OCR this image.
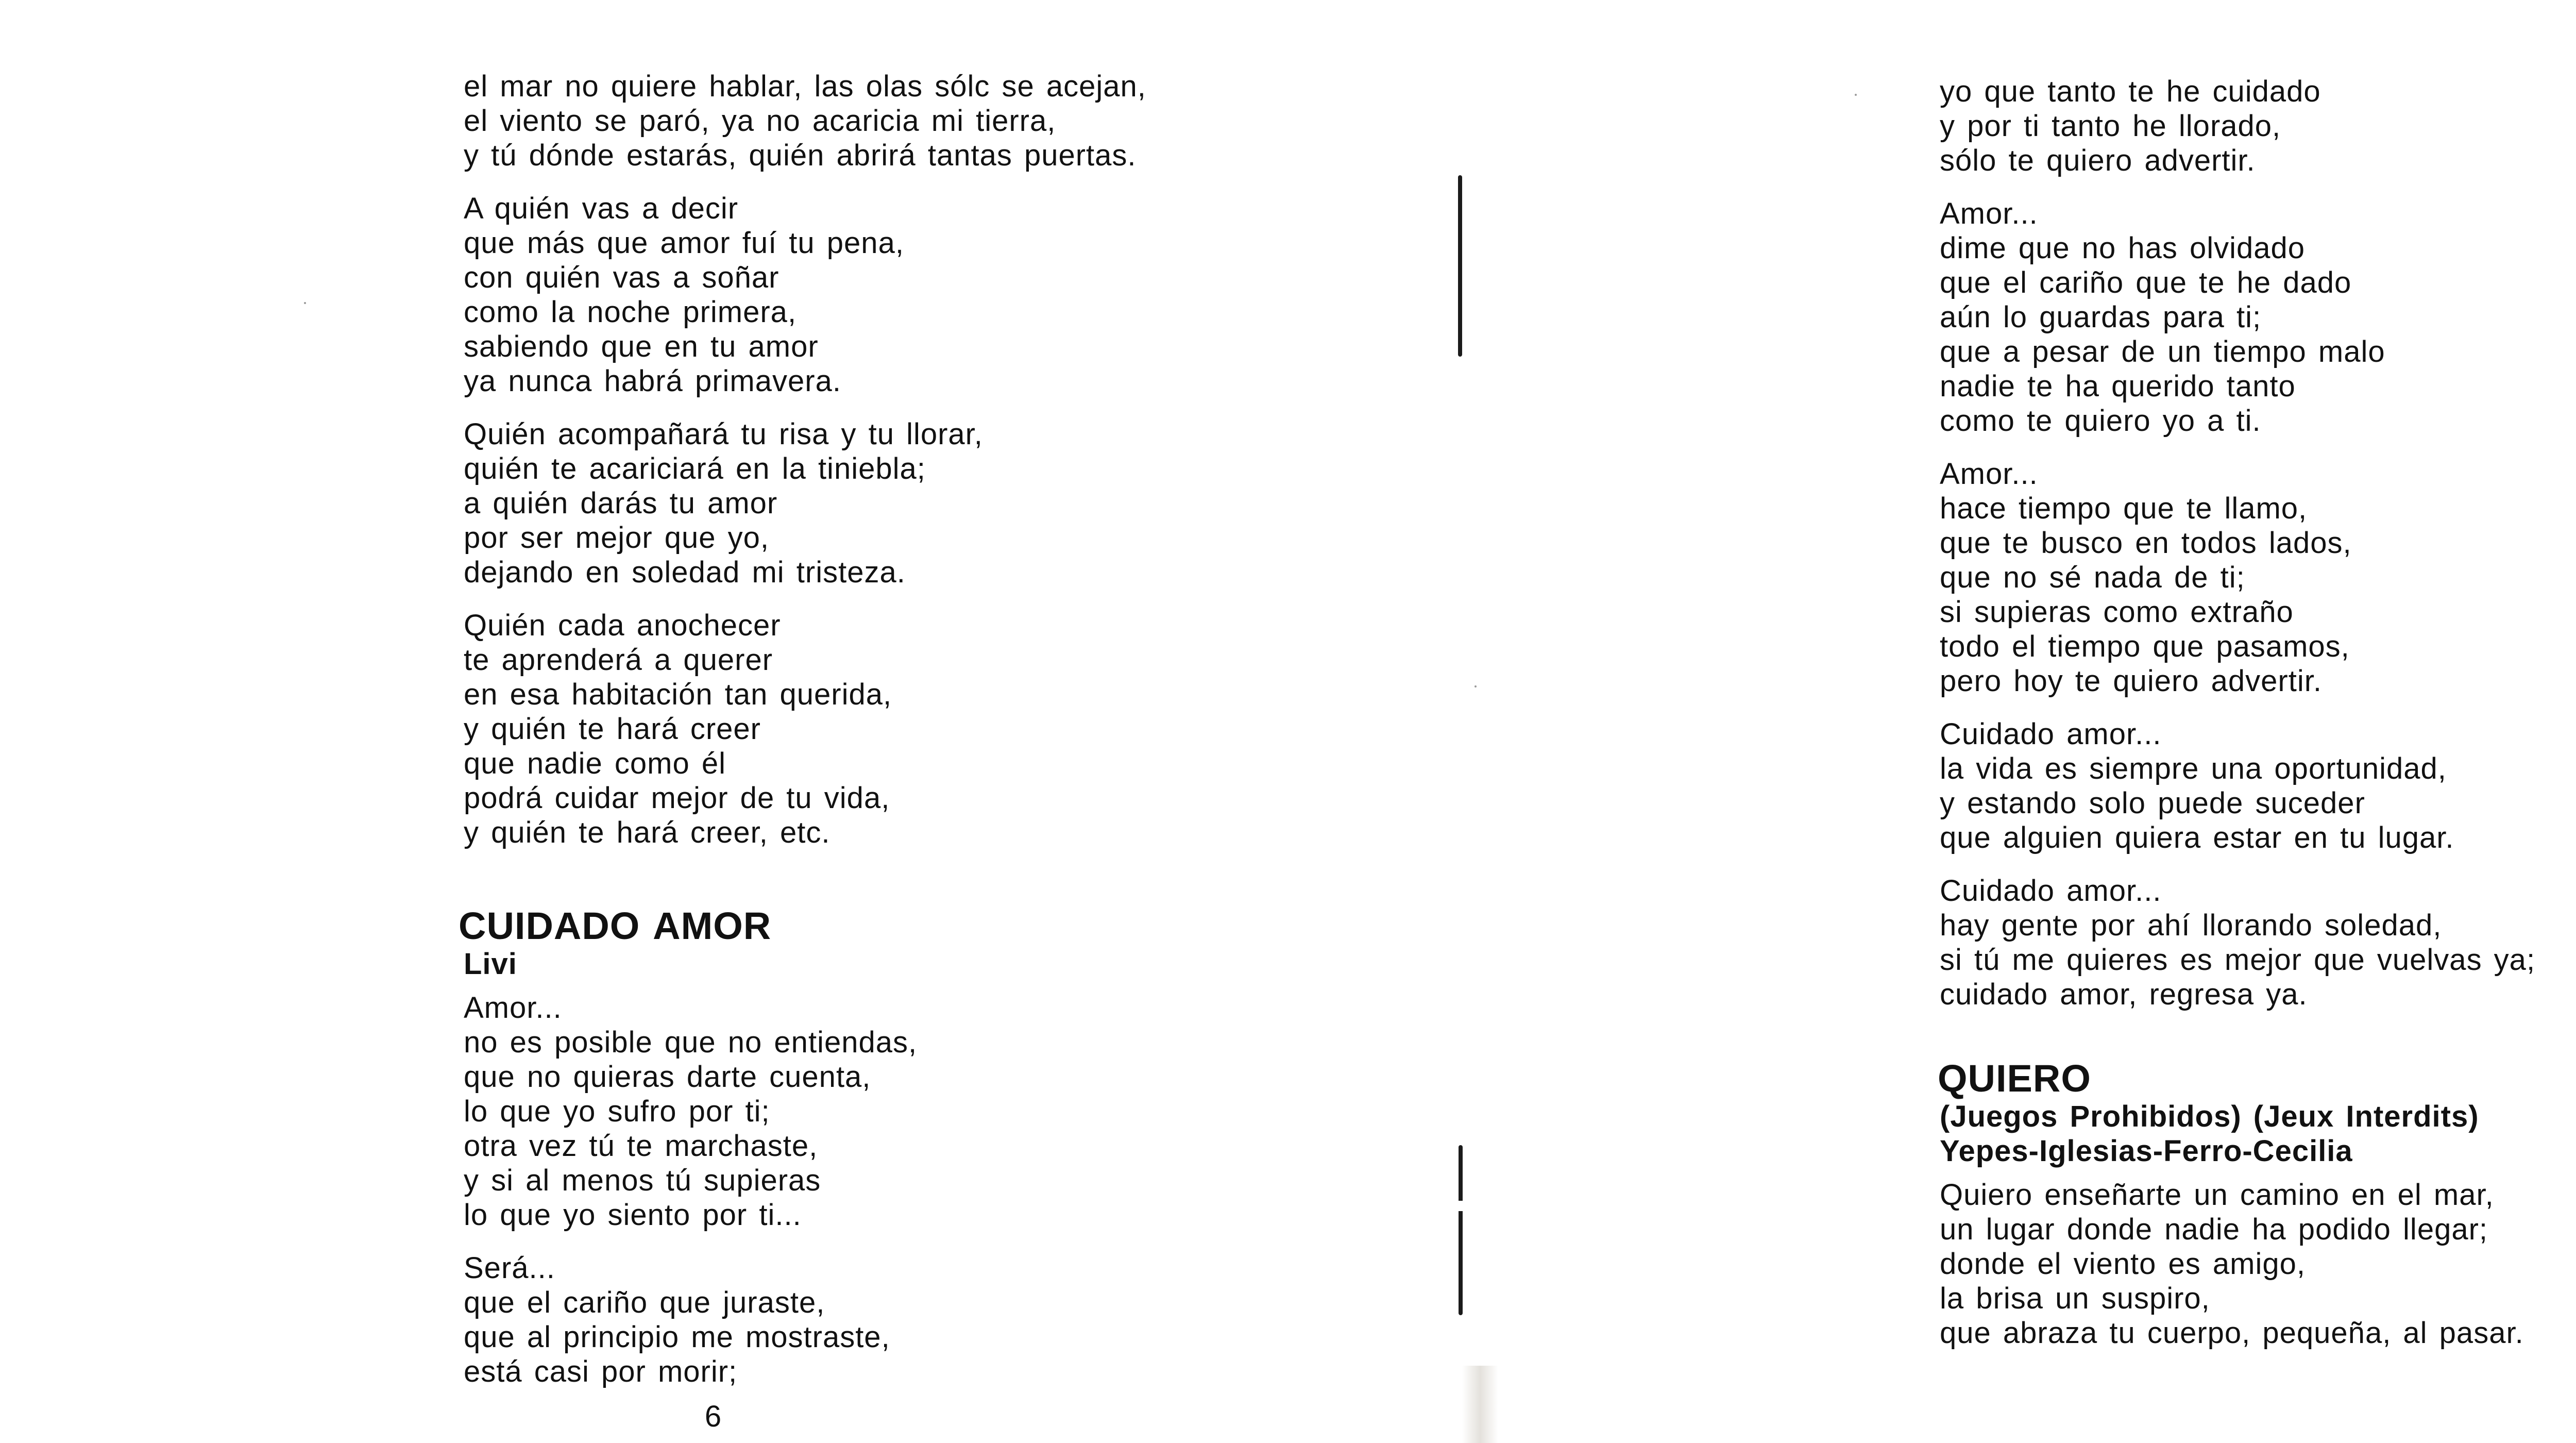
el mar no quiere hablar, las olas sólc se acejan,
el viento se paró, ya no acaricia mi tierra,
y tú dónde estarás, quién abrirá tantas puertas.
A quién vas a decir
que más que amor fuí tu pena,
con quién vas a soñar
como la noche primera,
sabiendo que en tu amor
ya nunca habrá primavera.
Quién acompañará tu risa y tu llorar,
quién te acariciará en la tiniebla;
a quién darás tu amor
por ser mejor que yo,
dejando en soledad mi tristeza.
Quién cada anochecer
te aprenderá a querer
en esa habitación tan querida,
y quién te hará creer
que nadie como él
podrá cuidar mejor de tu vida,
y quién te hará creer, etc.
CUIDADO AMOR
Livi
Amor...
no es posible que no entiendas,
que no quieras darte cuenta,
lo que yo sufro por ti;
otra vez tú te marchaste,
y si al menos tú supieras
lo que yo siento por ti...
Será...
que el cariño que juraste,
que al principio me mostraste,
está casi por morir;
6
yo que tanto te he cuidado
y por ti tanto he llorado,
sólo te quiero advertir.
Amor...
dime que no has olvidado
que el cariño que te he dado
aún lo guardas para ti;
que a pesar de un tiempo malo
nadie te ha querido tanto
como te quiero yo a ti.
Amor...
hace tiempo que te llamo,
que te busco en todos lados,
que no sé nada de ti;
si supieras como extraño
todo el tiempo que pasamos,
pero hoy te quiero advertir.
Cuidado amor...
la vida es siempre una oportunidad,
y estando solo puede suceder
que alguien quiera estar en tu lugar.
Cuidado amor...
hay gente por ahí llorando soledad,
si tú me quieres es mejor que vuelvas ya;
cuidado amor, regresa ya.
QUIERO
(Juegos Prohibidos) (Jeux Interdits)
Yepes-Iglesias-Ferro-Cecilia
Quiero enseñarte un camino en el mar,
un lugar donde nadie ha podido llegar;
donde el viento es amigo,
la brisa un suspiro,
que abraza tu cuerpo, pequeña, al pasar.
